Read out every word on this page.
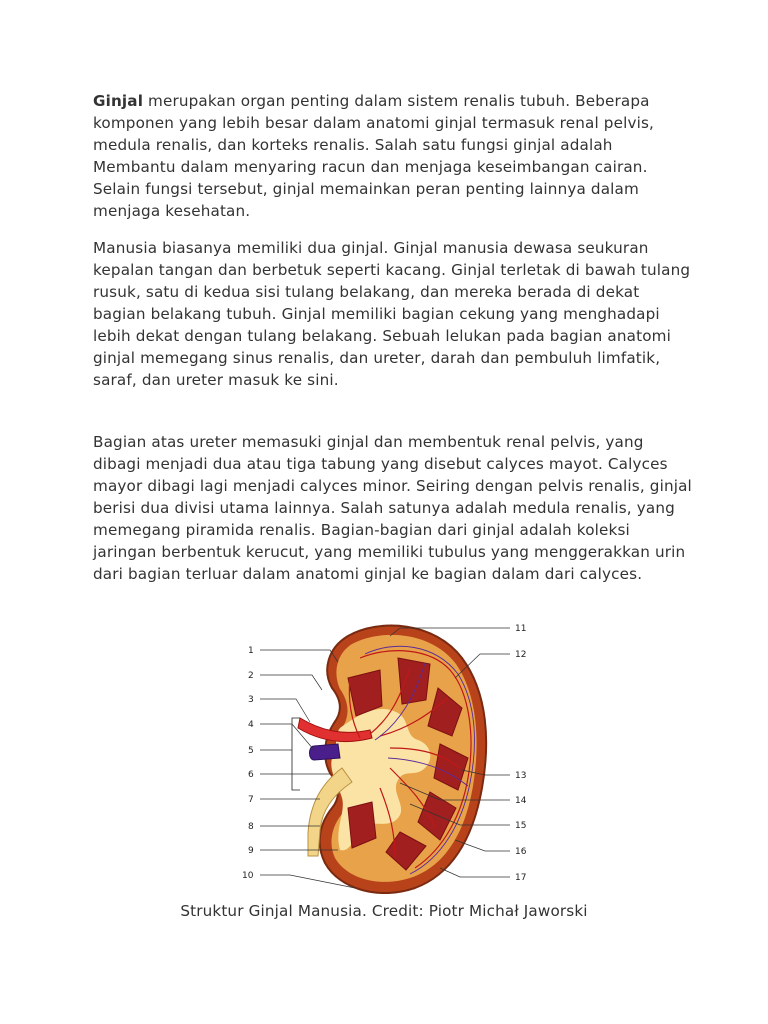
Ginjal merupakan organ penting dalam sistem renalis tubuh. Beberapa komponen yang lebih besar dalam anatomi ginjal termasuk renal pelvis, medula renalis, dan korteks renalis. Salah satu fungsi ginjal adalah Membantu dalam menyaring racun dan menjaga keseimbangan cairan. Selain fungsi tersebut, ginjal memainkan peran penting lainnya dalam menjaga kesehatan.

Manusia biasanya memiliki dua ginjal. Ginjal manusia dewasa seukuran kepalan tangan dan berbetuk seperti kacang. Ginjal terletak di bawah tulang rusuk, satu di kedua sisi tulang belakang, dan mereka berada di dekat bagian belakang tubuh. Ginjal memiliki bagian cekung yang menghadapi lebih dekat dengan tulang belakang. Sebuah lelukan pada bagian anatomi ginjal memegang sinus renalis, dan ureter, darah dan pembuluh limfatik, saraf, dan ureter masuk ke sini.

Bagian atas ureter memasuki ginjal dan membentuk renal pelvis, yang dibagi menjadi dua atau tiga tabung yang disebut calyces mayot. Calyces mayor dibagi lagi menjadi calyces minor. Seiring dengan pelvis renalis, ginjal berisi dua divisi utama lainnya. Salah satunya adalah medula renalis, yang memegang piramida renalis. Bagian-bagian dari ginjal adalah koleksi jaringan berbentuk kerucut, yang memiliki tubulus yang menggerakkan urin dari bagian terluar dalam anatomi ginjal ke bagian dalam dari calyces.

1
2
3
4
5
6
7
8
9
10
11
12
13
14
15
16
17
Struktur Ginjal Manusia. Credit: Piotr Michał Jaworski
